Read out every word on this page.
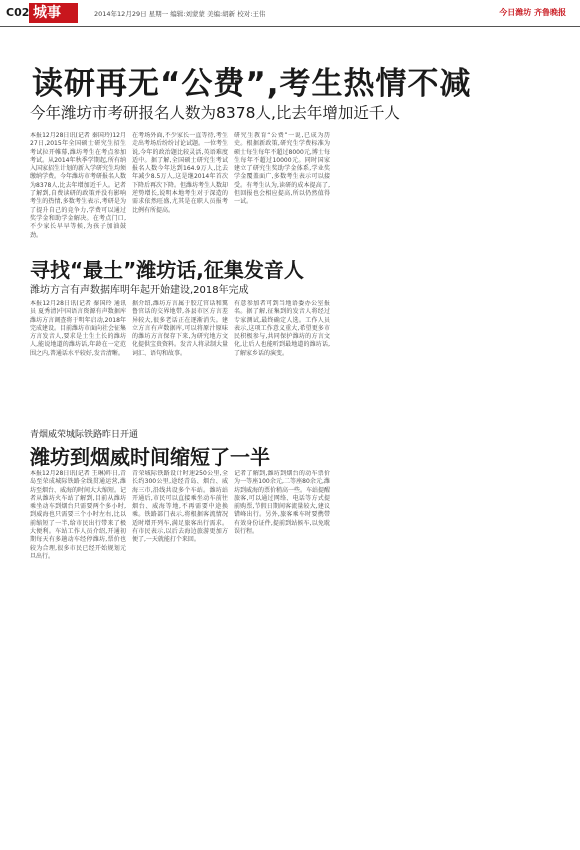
C02 城事	2014年12月29日 星期一 编辑:刘蒙蒙 美编:胡新 校对:王伟	今日潍坊 齐鲁晚报
读研再无“公费”,考生热情不减
今年潍坊市考研报名人数为8378人,比去年增加近千人
本报12月28日讯(记者 秦国玲)12月27日,2015年全国硕士研究生招生考试拉开帷幕,潍坊考生在考点参加考试。从2014年秋季学期起,所有纳入国家招生计划的新入学研究生均须缴纳学费。今年潍坊市考研报名人数为8378人,比去年增加近千人。记者了解到,自费读研的政策并没有影响考生的热情,多数考生表示,考研是为了提升自己的竞争力,学费可以通过奖学金和助学金解决。在考点门口,不少家长早早等候,为孩子加油鼓劲。
在考场外面,不少家长一直等待,考生走出考场后纷纷讨论试题。一位考生说,今年的政治题比较灵活,英语难度适中。据了解,全国硕士研究生考试报名人数今年达到164.9万人,比去年减少8.5万人,这是继2014年首次下降后再次下降。但潍坊考生人数却逆势增长,说明本地考生对于深造的需求依然旺盛,尤其是在职人员报考比例有所提高。
研究生教育“公费”一说,已成为历史。根据新政策,研究生学费标准为硕士每生每年不超过8000元,博士每生每年不超过10000元。同时国家建立了研究生奖助学金体系,学业奖学金覆盖面广,多数考生表示可以接受。有考生认为,读研的成本提高了,但回报也会相应提高,所以仍然值得一试。
寻找“最土”潍坊话,征集发音人
潍坊方言有声数据库明年起开始建设,2018年完成
本报12月28日讯(记者 秦国玲 通讯员 夏秀清)中国语言资源有声数据库潍坊方言调查将于明年启动,2018年完成建设。目前潍坊市面向社会征集方言发音人,要求是土生土长的潍坊人,能说地道的潍坊话,年龄在一定范围之内,普通话水平较好,发音清晰。
据介绍,潍坊方言属于胶辽官话和冀鲁官话的交界地带,各县市区方言差异较大,很多老话正在逐渐消失。建立方言有声数据库,可以将原汁原味的潍坊方言保存下来,为研究地方文化提供宝贵资料。发音人将录制大量词汇、语句和故事。
有意参加者可到当地语委办公室报名。据了解,征集到的发音人将经过专家测试,最终确定人选。工作人员表示,这项工作意义重大,希望更多市民积极参与,共同保护潍坊的方言文化,让后人也能听到最地道的潍坊话,了解家乡话的演变。
青烟威荣城际铁路昨日开通
潍坊到烟威时间缩短了一半
本报12月28日讯(记者 王琳)昨日,青岛至荣成城际铁路全线贯通运营,潍坊至烟台、威海的时间大大缩短。记者从潍坊火车站了解到,目前从潍坊乘坐动车到烟台只需要两个多小时,到威海也只需要三个小时左右,比以前缩短了一半,给市民出行带来了极大便利。车站工作人员介绍,开通初期每天有多趟动车经停潍坊,票价也较为合理,很多市民已经开始规划元旦出行。
青荣城际铁路设计时速250公里,全长约300公里,途经青岛、烟台、威海三市,沿线共设多个车站。潍坊站开通后,市民可以直接乘坐动车前往烟台、威海等地,不再需要中途换乘。铁路部门表示,将根据客流情况适时增开列车,满足旅客出行需求。有市民表示,以后去海边旅游更加方便了,一天就能打个来回。
记者了解到,潍坊到烟台的动车票价为一等座100余元,二等座80余元,潍坊到威海的票价稍高一些。车站提醒旅客,可以通过网络、电话等方式提前购票,节假日期间客流量较大,建议错峰出行。另外,旅客乘车时要携带有效身份证件,提前到站候车,以免耽误行程。
